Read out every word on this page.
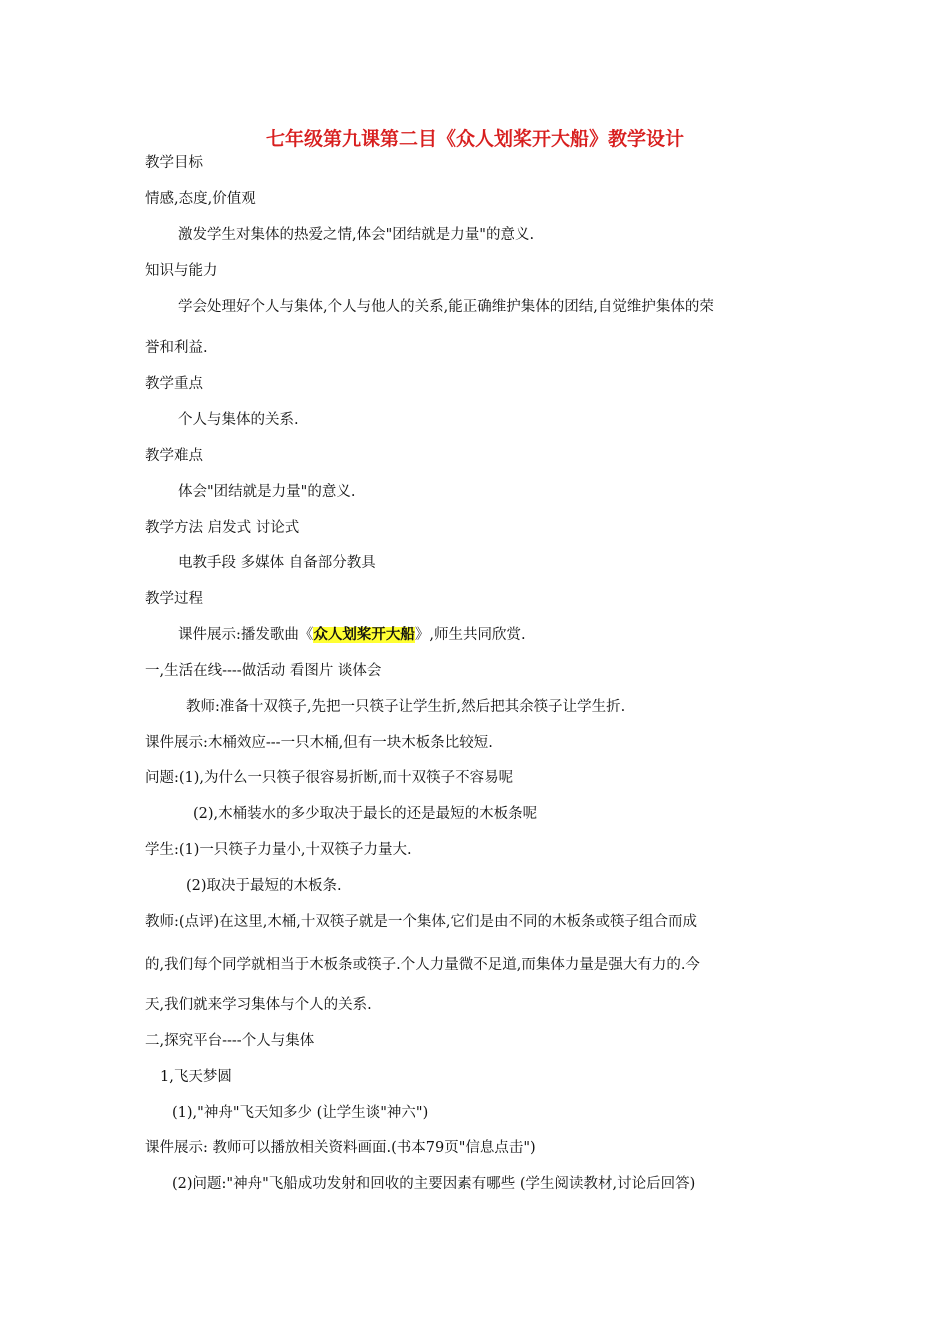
七年级第九课第二目《众人划桨开大船》教学设计
教学目标
情感,态度,价值观
激发学生对集体的热爱之情,体会"团结就是力量"的意义.
知识与能力
学会处理好个人与集体,个人与他人的关系,能正确维护集体的团结,自觉维护集体的荣
誉和利益.
教学重点
个人与集体的关系.
教学难点
体会"团结就是力量"的意义.
教学方法 启发式 讨论式
电教手段 多媒体 自备部分教具
教学过程
课件展示:播发歌曲《众人划桨开大船》,师生共同欣赏.
一,生活在线----做活动 看图片 谈体会
教师:准备十双筷子,先把一只筷子让学生折,然后把其余筷子让学生折.
课件展示:木桶效应---一只木桶,但有一块木板条比较短.
问题:(1),为什么一只筷子很容易折断,而十双筷子不容易呢
(2),木桶装水的多少取决于最长的还是最短的木板条呢
学生:(1)一只筷子力量小,十双筷子力量大.
(2)取决于最短的木板条.
教师:(点评)在这里,木桶,十双筷子就是一个集体,它们是由不同的木板条或筷子组合而成
的,我们每个同学就相当于木板条或筷子.个人力量微不足道,而集体力量是强大有力的.今
天,我们就来学习集体与个人的关系.
二,探究平台----个人与集体
1,飞天梦圆
(1),"神舟"飞天知多少 (让学生谈"神六")
课件展示: 教师可以播放相关资料画面.(书本79页"信息点击")
(2)问题:"神舟"飞船成功发射和回收的主要因素有哪些 (学生阅读教材,讨论后回答)
